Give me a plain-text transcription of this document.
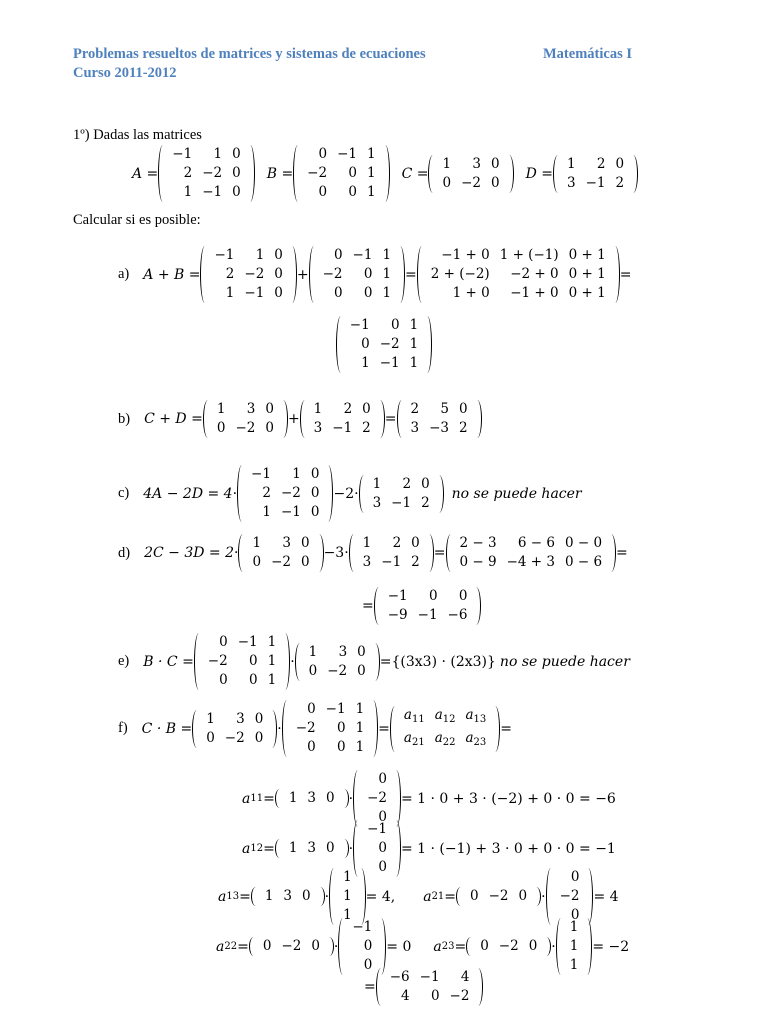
Problemas resueltos de matrices y sistemas de ecuaciones	Matemáticas I
Curso 2011-2012
1º) Dadas las matrices
A =
−1	1	0
2	−2	0
1	−1	0
B =
0	−1	1
−2	0	1
0	0	1
C =
1	3	0
0	−2	0
D =
1	2	0
3	−1	2
Calcular si es posible:
a) A + B =
−1	1	0
2	−2	0
1	−1	0
+
0	−1	1
−2	0	1
0	0	1
=
−1 + 0	1 + (−1)	0 + 1
2 + (−2)	−2 + 0	0 + 1
1 + 0	−1 + 0	0 + 1
=
−1	0	1
0	−2	1
1	−1	1
b) C + D =
1	3	0
0	−2	0
+
1	2	0
3	−1	2
=
2	5	0
3	−3	2
c) 4A − 2D = 4 ·
−1	1	0
2	−2	0
1	−1	0
− 2 ·
1	2	0
3	−1	2
no se puede hacer
d) 2C − 3D = 2 ·
1	3	0
0	−2	0
− 3 ·
1	2	0
3	−1	2
=
2 − 3	6 − 6	0 − 0
0 − 9	−4 + 3	0 − 6
=
=
−1	0	0
−9	−1	−6
e) B · C =
0	−1	1
−2	0	1
0	0	1
·
1	3	0
0	−2	0
= {(3x3) · (2x3)} no se puede hacer
f) C · B =
1	3	0
0	−2	0
·
0	−1	1
−2	0	1
0	0	1
=
$a_{11}$	$a_{12}$	$a_{13}$
$a_{21}$	$a_{22}$	$a_{23}$
=
a 11 = 1	3	0 ·
0
−2
0
= 1 · 0 + 3 · (−2) + 0 · 0 = −6
a 12 = 1	3	0 ·
−1
0
0
= 1 · (−1) + 3 · 0 + 0 · 0 = −1
a 13 = 1	3	0 ·
1
1
1
= 4, a 21 = 0	−2	0 ·
0
−2
0
= 4
a 22 = 0	−2	0 ·
−1
0
0
= 0 a 23 = 0	−2	0 ·
1
1
1
= −2
=
−6	−1	4
4	0	−2
